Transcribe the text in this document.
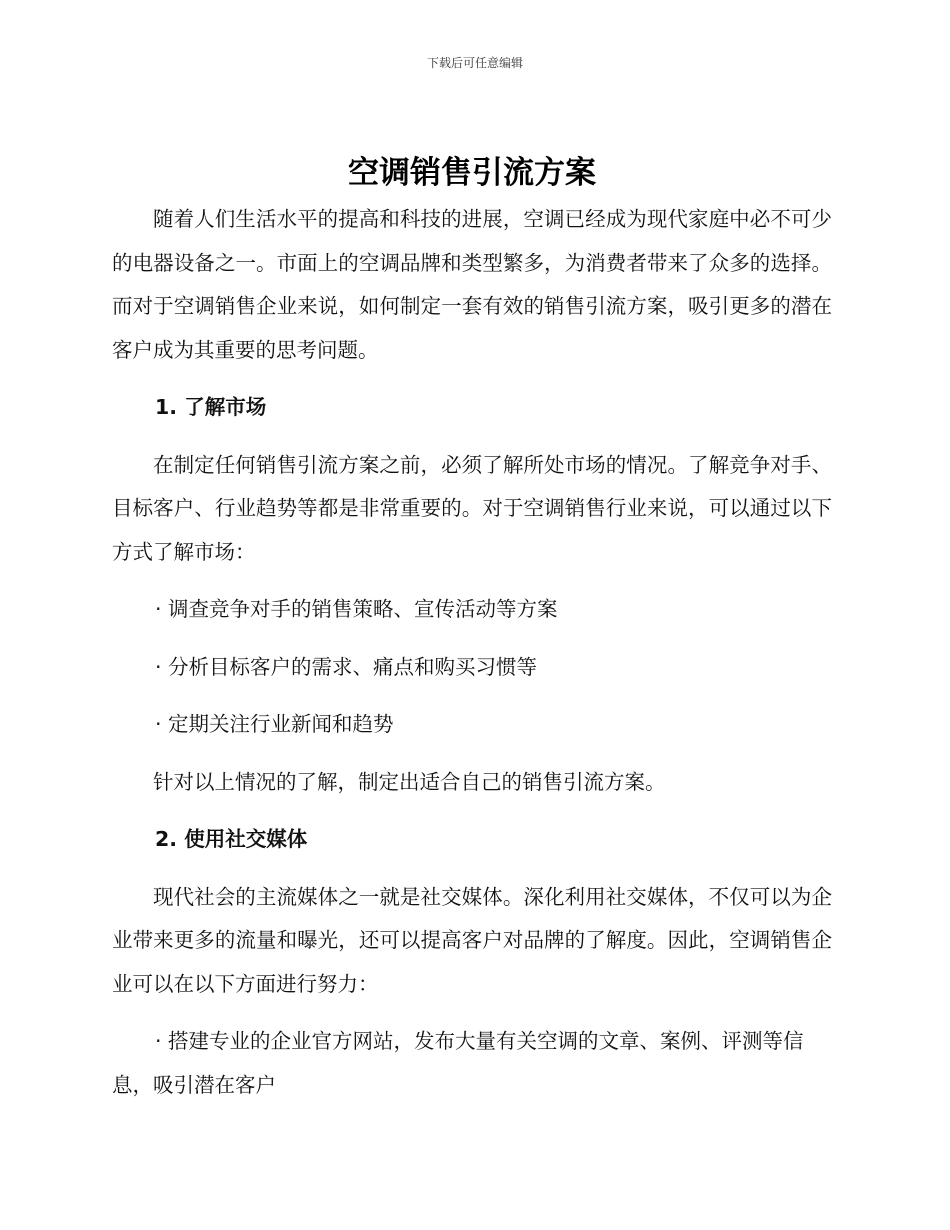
下载后可任意编辑
空调销售引流方案

随着人们生活水平的提高和科技的进展，空调已经成为现代家庭中必不可少的电器设备之一。市面上的空调品牌和类型繁多，为消费者带来了众多的选择。而对于空调销售企业来说，如何制定一套有效的销售引流方案，吸引更多的潜在客户成为其重要的思考问题。

1. 了解市场

在制定任何销售引流方案之前，必须了解所处市场的情况。了解竞争对手、目标客户、行业趋势等都是非常重要的。对于空调销售行业来说，可以通过以下方式了解市场：

· 调查竞争对手的销售策略、宣传活动等方案

· 分析目标客户的需求、痛点和购买习惯等

· 定期关注行业新闻和趋势

针对以上情况的了解，制定出适合自己的销售引流方案。

2. 使用社交媒体

现代社会的主流媒体之一就是社交媒体。深化利用社交媒体，不仅可以为企业带来更多的流量和曝光，还可以提高客户对品牌的了解度。因此，空调销售企业可以在以下方面进行努力：

· 搭建专业的企业官方网站，发布大量有关空调的文章、案例、评测等信息，吸引潜在客户
